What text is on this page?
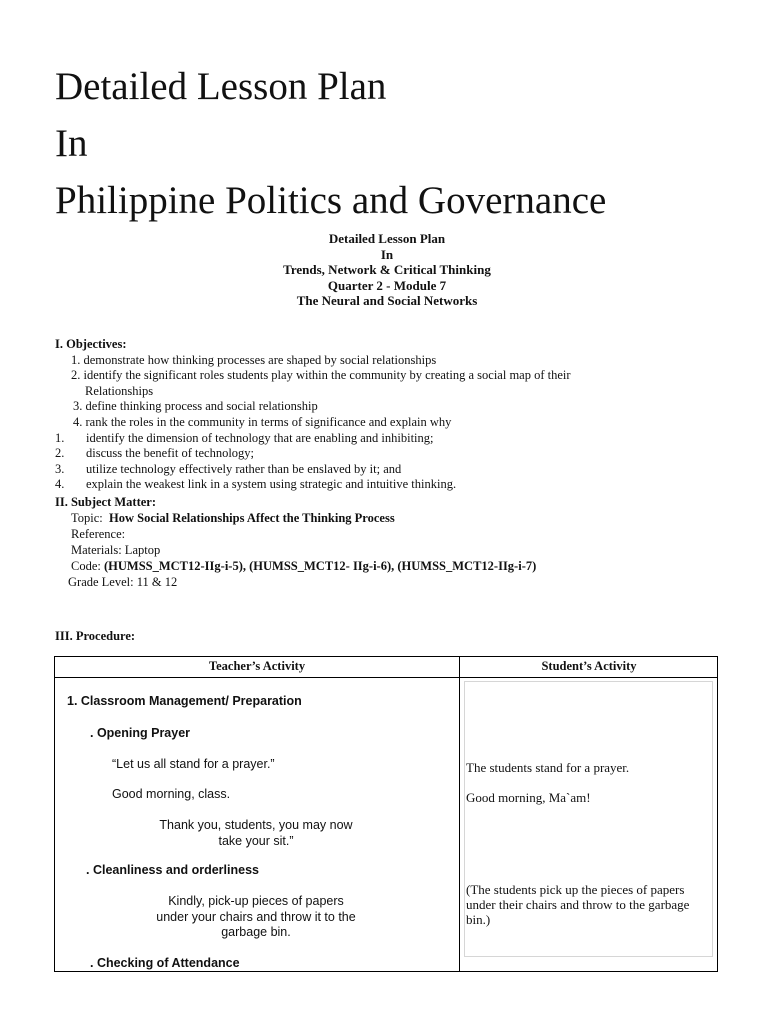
Detailed Lesson Plan
In
Philippine Politics and Governance
Detailed Lesson Plan
In
Trends, Network & Critical Thinking
Quarter 2 - Module 7
The Neural and Social Networks
I. Objectives:
1. demonstrate how thinking processes are shaped by social relationships
2. identify the significant roles students play within the community by creating a social map of their
Relationships
3. define thinking process and social relationship
4. rank the roles in the community in terms of significance and explain why
1. identify the dimension of technology that are enabling and inhibiting;
2. discuss the benefit of technology;
3. utilize technology effectively rather than be enslaved by it; and
4. explain the weakest link in a system using strategic and intuitive thinking.
II. Subject Matter:
Topic: How Social Relationships Affect the Thinking Process
Reference:
Materials: Laptop
Code: (HUMSS_MCT12-IIg-i-5), (HUMSS_MCT12- IIg-i-6), (HUMSS_MCT12-IIg-i-7)
Grade Level: 11 & 12
III. Procedure:
Teacher’s Activity	Student’s Activity
1. Classroom Management/ Preparation
. Opening Prayer
“Let us all stand for a prayer.”
Good morning, class.
Thank you, students, you may now
take your sit.”
. Cleanliness and orderliness
Kindly, pick-up pieces of papers
under your chairs and throw it to the
garbage bin.
. Checking of Attendance
The students stand for a prayer.
Good morning, Ma`am!
(The students pick up the pieces of papers
under their chairs and throw to the garbage
bin.)
